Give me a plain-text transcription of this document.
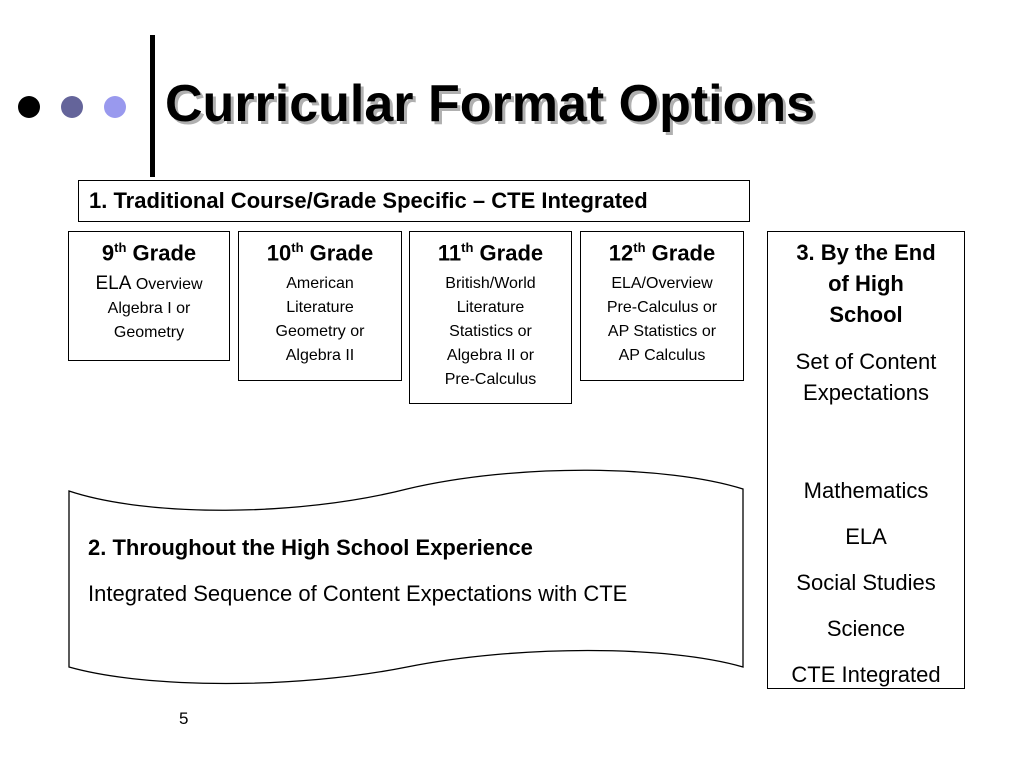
Curricular Format Options
1. Traditional Course/Grade Specific – CTE Integrated
9th Grade
ELA Overview
Algebra I or
Geometry
10th Grade
American
Literature
Geometry or
Algebra II
11th Grade
British/World
Literature
Statistics or
Algebra II or
Pre-Calculus
12th Grade
ELA/Overview
Pre-Calculus or
AP Statistics or
AP Calculus
3. By the End
of High
School
Set of Content
Expectations
Mathematics
ELA
Social Studies
Science
CTE Integrated

2. Throughout the High School Experience

Integrated Sequence of Content Expectations with CTE

5
